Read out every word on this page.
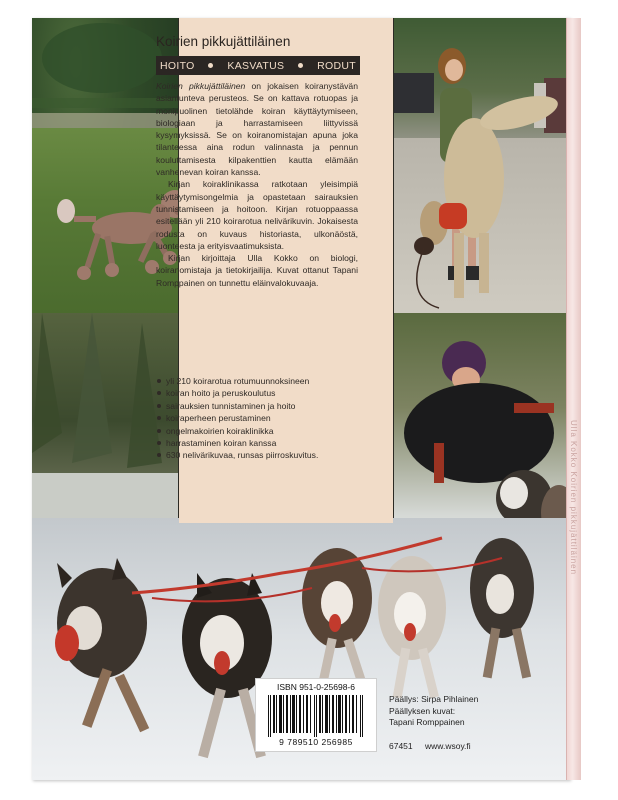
Ulla Kokko Koirien pikkujättiläinen
Koirien pikkujättiläinen
HOITO	KASVATUS	RODUT

Koirien pikkujättiläinen on jokaisen koiranystävän asiantunteva perusteos. Se on kattava rotuopas ja monipuolinen tietolähde koiran käyttäytymiseen, biologiaan ja harrastamiseen liittyvissä kysymyksissä. Se on koiranomistajan apuna joka tilanteessa aina rodun valinnasta ja pennun kouluttamisesta kilpakenttien kautta elämään vanhenevan koiran kanssa.

Kirjan koiraklinikassa ratkotaan yleisimpiä käyttäytymisongelmia ja opastetaan sairauksien tunnistamiseen ja hoitoon. Kirjan rotuoppaassa esitellään yli 210 koirarotua nelivärikuvin. Jokaisesta rodusta on kuvaus historiasta, ulkonäöstä, luonteesta ja erityisvaatimuksista.

Kirjan kirjoittaja Ulla Kokko on biologi, koiranomistaja ja tietokirjailija. Kuvat ottanut Tapani Romppainen on tunnettu eläinvalokuvaaja.

yli 210 koirarotua rotumuunnoksineen
koiran hoito ja peruskoulutus
sairauksien tunnistaminen ja hoito
koiraperheen perustaminen
ongelmakoirien koiraklinikka
harrastaminen koiran kanssa
630 nelivärikuvaa, runsas piirroskuvitus.
ISBN 951-0-25698-6
9 789510 256985
Päällys: Sirpa Pihlainen
Päällyksen kuvat:
Tapani Romppainen
67451 www.wsoy.fi
